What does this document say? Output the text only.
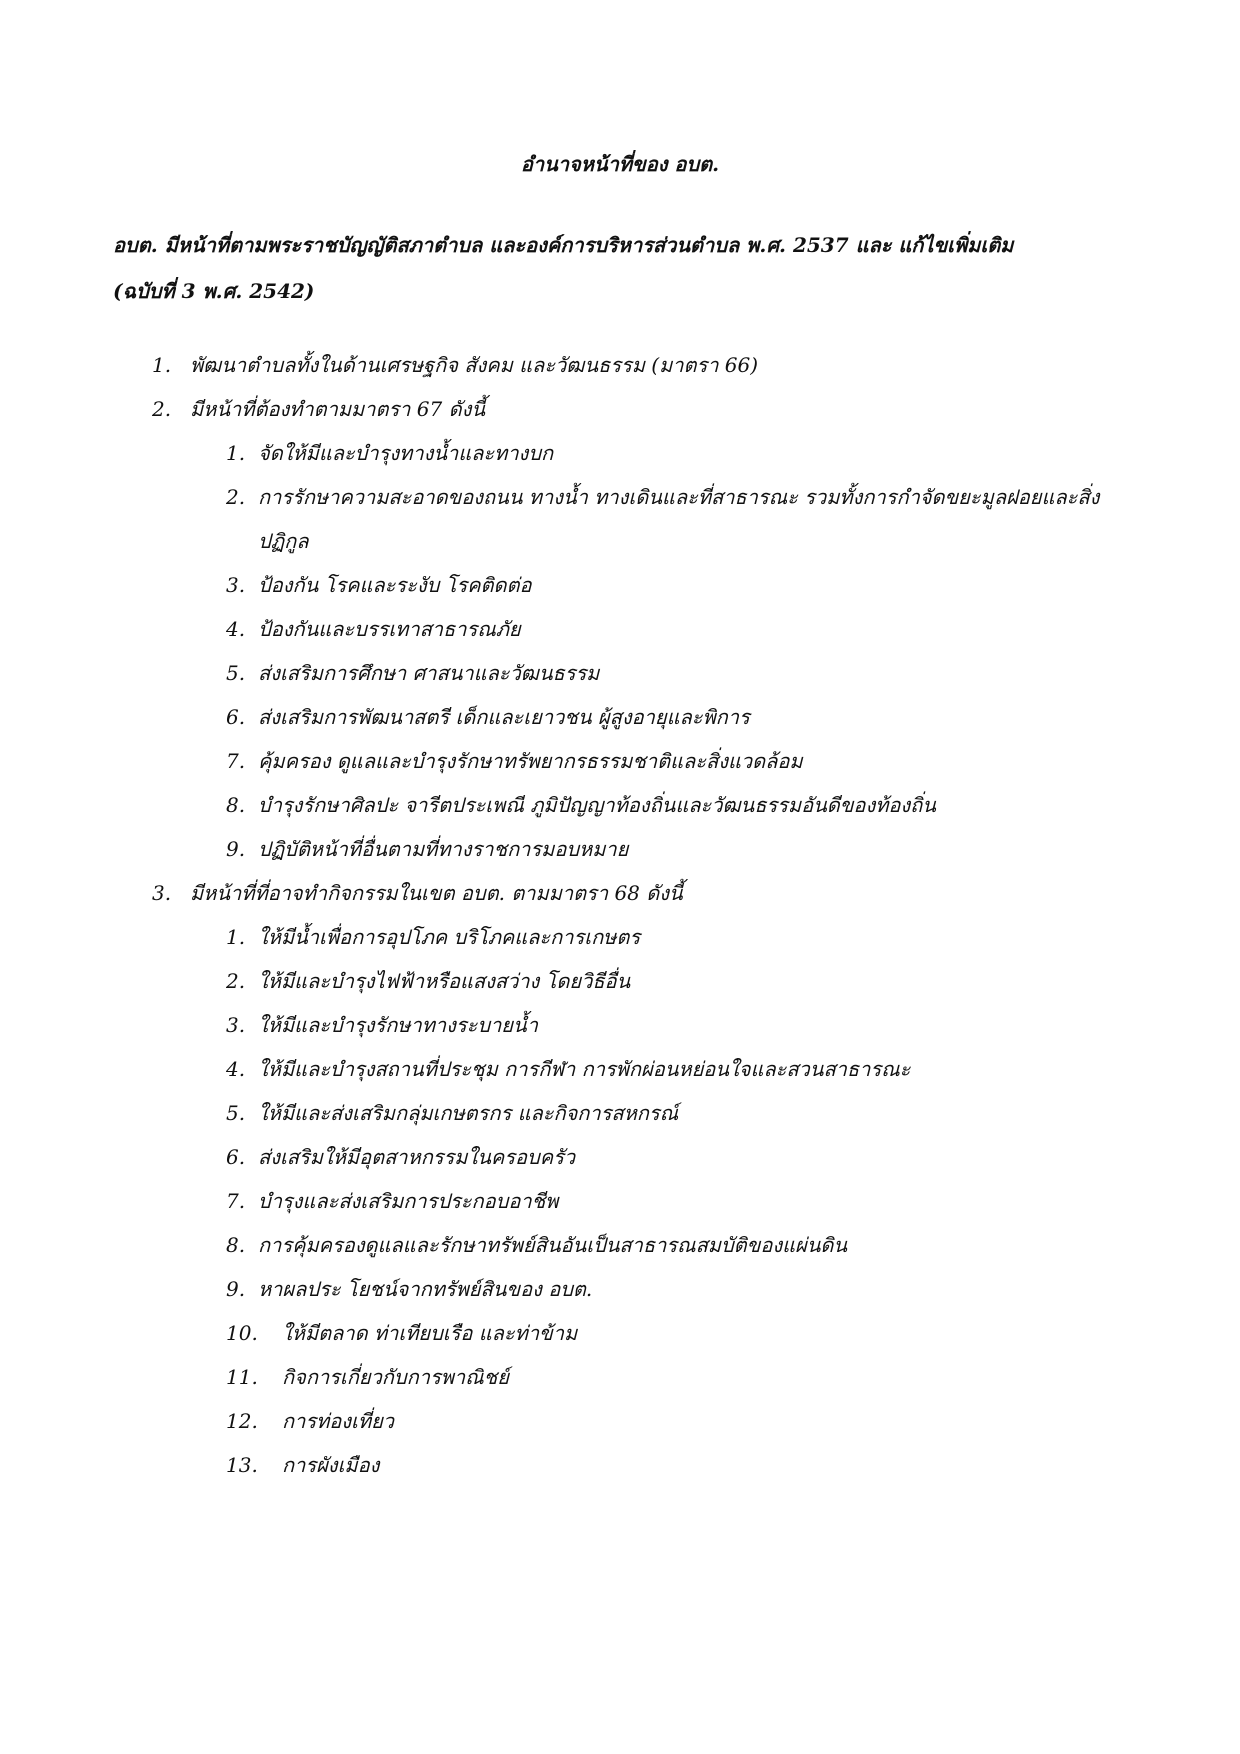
อำนาจหน้าที่ของ อบต.
อบต. มีหน้าที่ตามพระราชบัญญัติสภาตำบล และองค์การบริหารส่วนตำบล พ.ศ. 2537 และ แก้ไขเพิ่มเติม
(ฉบับที่ 3 พ.ศ. 2542)
1. พัฒนาตำบลทั้งในด้านเศรษฐกิจ สังคม และวัฒนธรรม (มาตรา 66)
2. มีหน้าที่ต้องทำตามมาตรา 67 ดังนี้
1. จัดให้มีและบำรุงทางน้ำและทางบก
2. การรักษาความสะอาดของถนน ทางน้ำ ทางเดินและที่สาธารณะ รวมทั้งการกำจัดขยะมูลฝอยและสิ่งปฏิกูล
3. ป้องกัน โรคและระงับ โรคติดต่อ
4. ป้องกันและบรรเทาสาธารณภัย
5. ส่งเสริมการศึกษา ศาสนาและวัฒนธรรม
6. ส่งเสริมการพัฒนาสตรี เด็กและเยาวชน ผู้สูงอายุและพิการ
7. คุ้มครอง ดูแลและบำรุงรักษาทรัพยากรธรรมชาติและสิ่งแวดล้อม
8. บำรุงรักษาศิลปะ จารีตประเพณี ภูมิปัญญาท้องถิ่นและวัฒนธรรมอันดีของท้องถิ่น
9. ปฏิบัติหน้าที่อื่นตามที่ทางราชการมอบหมาย
3. มีหน้าที่ที่อาจทำกิจกรรมในเขต อบต. ตามมาตรา 68 ดังนี้
1. ให้มีน้ำเพื่อการอุปโภค บริโภคและการเกษตร
2. ให้มีและบำรุงไฟฟ้าหรือแสงสว่าง โดยวิธีอื่น
3. ให้มีและบำรุงรักษาทางระบายน้ำ
4. ให้มีและบำรุงสถานที่ประชุม การกีฬา การพักผ่อนหย่อนใจและสวนสาธารณะ
5. ให้มีและส่งเสริมกลุ่มเกษตรกร และกิจการสหกรณ์
6. ส่งเสริมให้มีอุตสาหกรรมในครอบครัว
7. บำรุงและส่งเสริมการประกอบอาชีพ
8. การคุ้มครองดูแลและรักษาทรัพย์สินอันเป็นสาธารณสมบัติของแผ่นดิน
9. หาผลประ โยชน์จากทรัพย์สินของ อบต.
10. ให้มีตลาด ท่าเทียบเรือ และท่าข้าม
11. กิจการเกี่ยวกับการพาณิชย์
12. การท่องเที่ยว
13. การผังเมือง
